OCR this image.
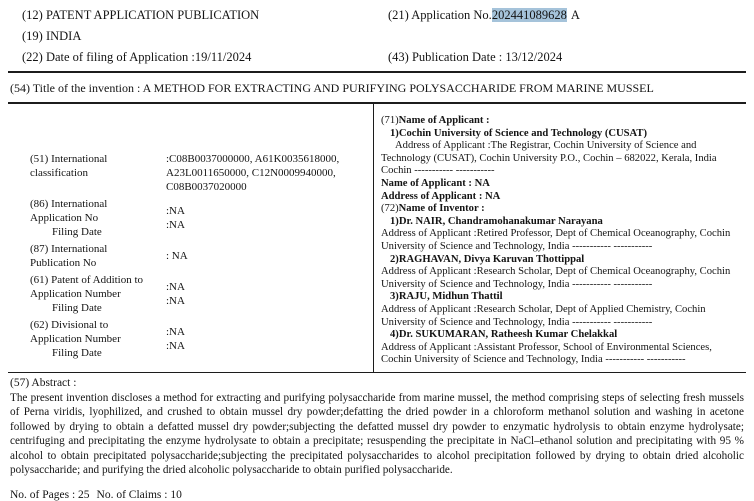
(12) PATENT APPLICATION PUBLICATION

(19) INDIA

(22) Date of filing of Application :19/11/2024

(21) Application No.202441089628 A

(43) Publication Date : 13/12/2024

(54) Title of the invention : A METHOD FOR EXTRACTING AND PURIFYING POLYSACCHARIDE FROM MARINE MUSSEL
(51) International
classification
:C08B0037000000, A61K0035618000,
A23L0011650000, C12N0009940000,
C08B0037020000
(86) International
Application No
Filing Date
:NA
:NA
(87) International
Publication No
: NA
(61) Patent of Addition to
Application Number
Filing Date
:NA
:NA
(62) Divisional to
Application Number
Filing Date
:NA
:NA

(71)Name of Applicant :

1)Cochin University of Science and Technology (CUSAT)

Address of Applicant :The Registrar, Cochin University of Science and Technology (CUSAT), Cochin University P.O., Cochin – 682022, Kerala, India Cochin ----------- -----------

Name of Applicant : NA

Address of Applicant : NA

(72)Name of Inventor :

1)Dr. NAIR, Chandramohanakumar Narayana

Address of Applicant :Retired Professor, Dept of Chemical Oceanography, Cochin University of Science and Technology, India ----------- -----------

2)RAGHAVAN, Divya Karuvan Thottippal

Address of Applicant :Research Scholar, Dept of Chemical Oceanography, Cochin University of Science and Technology, India ----------- -----------

3)RAJU, Midhun Thattil

Address of Applicant :Research Scholar, Dept of Applied Chemistry, Cochin University of Science and Technology, India ----------- -----------

4)Dr. SUKUMARAN, Ratheesh Kumar Chelakkal

Address of Applicant :Assistant Professor, School of Environmental Sciences, Cochin University of Science and Technology, India ----------- -----------

(57) Abstract :

The present invention discloses a method for extracting and purifying polysaccharide from marine mussel, the method comprising steps of selecting fresh mussels of Perna viridis, lyophilized, and crushed to obtain mussel dry powder;defatting the dried powder in a chloroform methanol solution and washing in acetone followed by drying to obtain a defatted mussel dry powder;subjecting the defatted mussel dry powder to enzymatic hydrolysis to obtain enzyme hydrolysate; centrifuging and precipitating the enzyme hydrolysate to obtain a precipitate; resuspending the precipitate in NaCl–ethanol solution and precipitating with 95 % alcohol to obtain precipitated polysaccharide;subjecting the precipitated polysaccharides to alcohol precipitation followed by drying to obtain dried alcoholic polysaccharide; and purifying the dried alcoholic polysaccharide to obtain purified polysaccharide.

No. of Pages : 25 No. of Claims : 10
